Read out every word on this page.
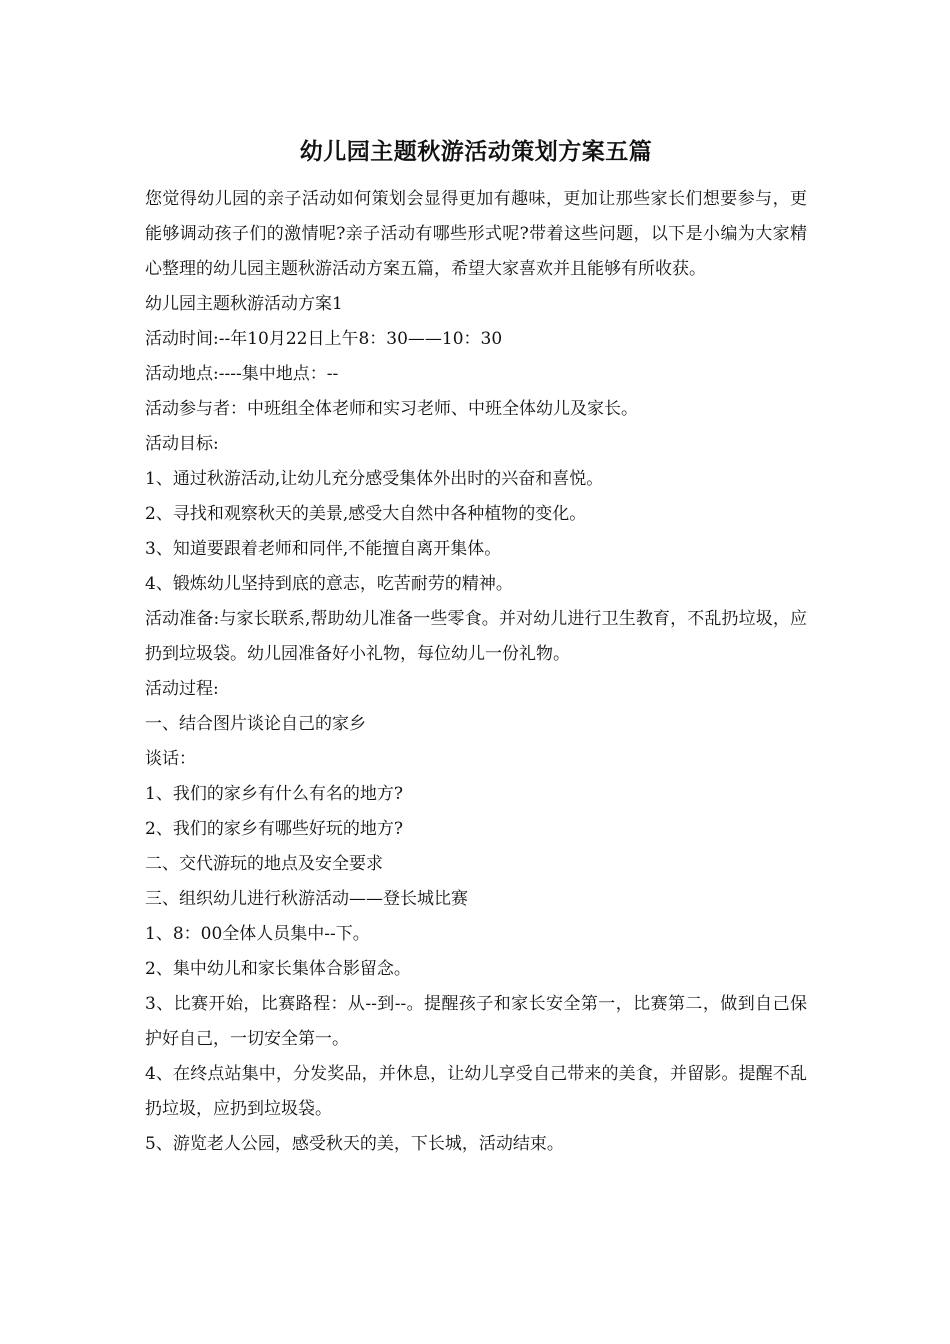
幼儿园主题秋游活动策划方案五篇

您觉得幼儿园的亲子活动如何策划会显得更加有趣味，更加让那些家长们想要参与，更能够调动孩子们的激情呢?亲子活动有哪些形式呢?带着这些问题，以下是小编为大家精心整理的幼儿园主题秋游活动方案五篇，希望大家喜欢并且能够有所收获。

幼儿园主题秋游活动方案1

活动时间:--年10月22日上午8：30——10：30

活动地点:----集中地点：--

活动参与者：中班组全体老师和实习老师、中班全体幼儿及家长。

活动目标:

1、通过秋游活动,让幼儿充分感受集体外出时的兴奋和喜悦。

2、寻找和观察秋天的美景,感受大自然中各种植物的变化。

3、知道要跟着老师和同伴,不能擅自离开集体。

4、锻炼幼儿坚持到底的意志，吃苦耐劳的精神。

活动准备:与家长联系,帮助幼儿准备一些零食。并对幼儿进行卫生教育，不乱扔垃圾，应扔到垃圾袋。幼儿园准备好小礼物，每位幼儿一份礼物。

活动过程:

一、结合图片谈论自己的家乡

谈话：

1、我们的家乡有什么有名的地方?

2、我们的家乡有哪些好玩的地方?

二、交代游玩的地点及安全要求

三、组织幼儿进行秋游活动——登长城比赛

1、8：00全体人员集中--下。

2、集中幼儿和家长集体合影留念。

3、比赛开始，比赛路程：从--到--。提醒孩子和家长安全第一，比赛第二，做到自己保护好自己，一切安全第一。

4、在终点站集中，分发奖品，并休息，让幼儿享受自己带来的美食，并留影。提醒不乱扔垃圾，应扔到垃圾袋。

5、游览老人公园，感受秋天的美，下长城，活动结束。
